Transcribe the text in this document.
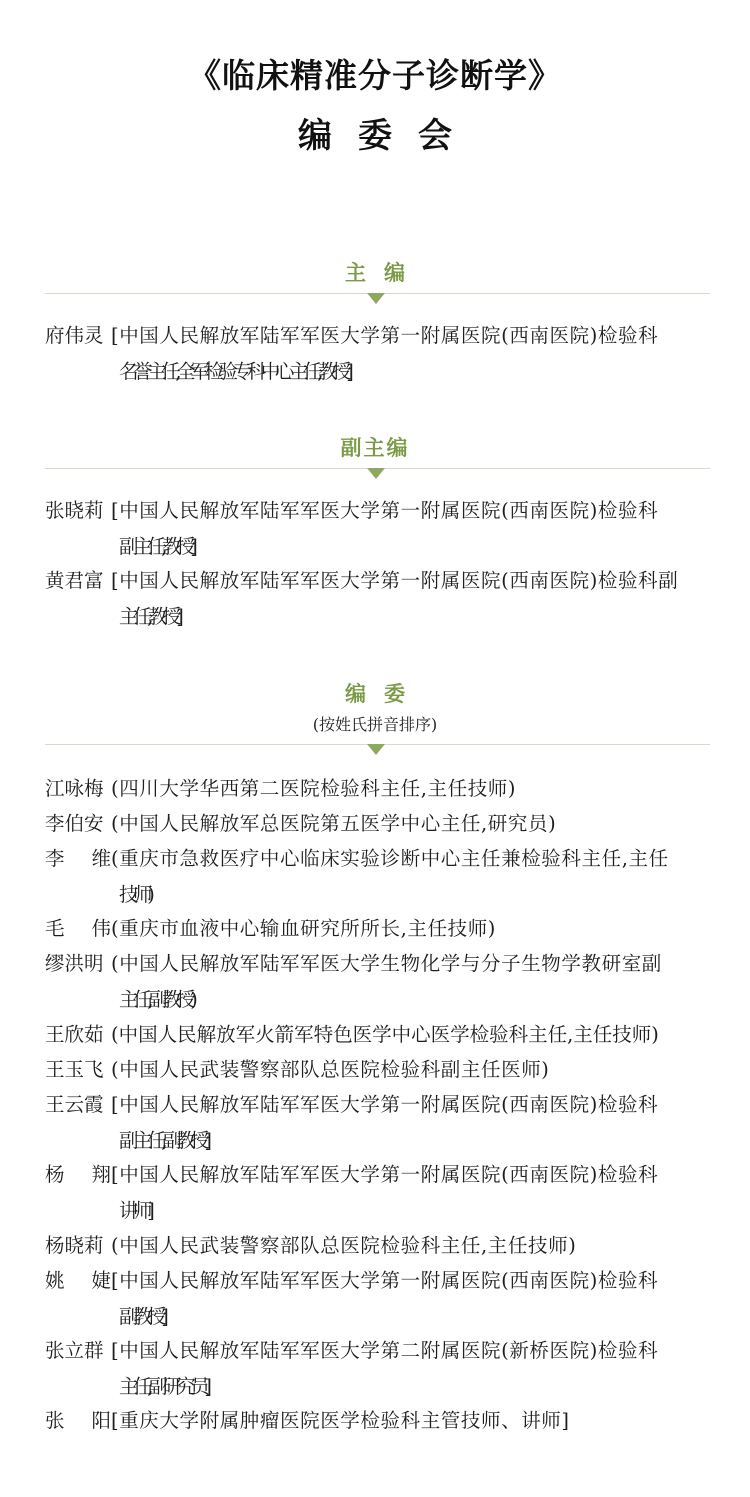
《临床精准分子诊断学》
编委会
主编
府伟灵 [中国人民解放军陆军军医大学第一附属医院(西南医院)检验科
名誉主任,全军检验专科中心主任,教授]
副主编
张晓莉 [中国人民解放军陆军军医大学第一附属医院(西南医院)检验科
副主任,教授]
黄君富 [中国人民解放军陆军军医大学第一附属医院(西南医院)检验科副
主任,教授]
编委
(按姓氏拼音排序)
江咏梅 (四川大学华西第二医院检验科主任,主任技师)
李伯安 (中国人民解放军总医院第五医学中心主任,研究员)
李 维 (重庆市急救医疗中心临床实验诊断中心主任兼检验科主任,主任
技师)
毛 伟 (重庆市血液中心输血研究所所长,主任技师)
缪洪明 (中国人民解放军陆军军医大学生物化学与分子生物学教研室副
主任,副教授)
王欣茹 (中国人民解放军火箭军特色医学中心医学检验科主任,主任技师)
王玉飞 (中国人民武装警察部队总医院检验科副主任医师)
王云霞 [中国人民解放军陆军军医大学第一附属医院(西南医院)检验科
副主任,副教授]
杨 翔 [中国人民解放军陆军军医大学第一附属医院(西南医院)检验科
讲师]
杨晓莉 (中国人民武装警察部队总医院检验科主任,主任技师)
姚 婕 [中国人民解放军陆军军医大学第一附属医院(西南医院)检验科
副教授]
张立群 [中国人民解放军陆军军医大学第二附属医院(新桥医院)检验科
主任,副研究员]
张 阳 [重庆大学附属肿瘤医院医学检验科主管技师、讲师]
